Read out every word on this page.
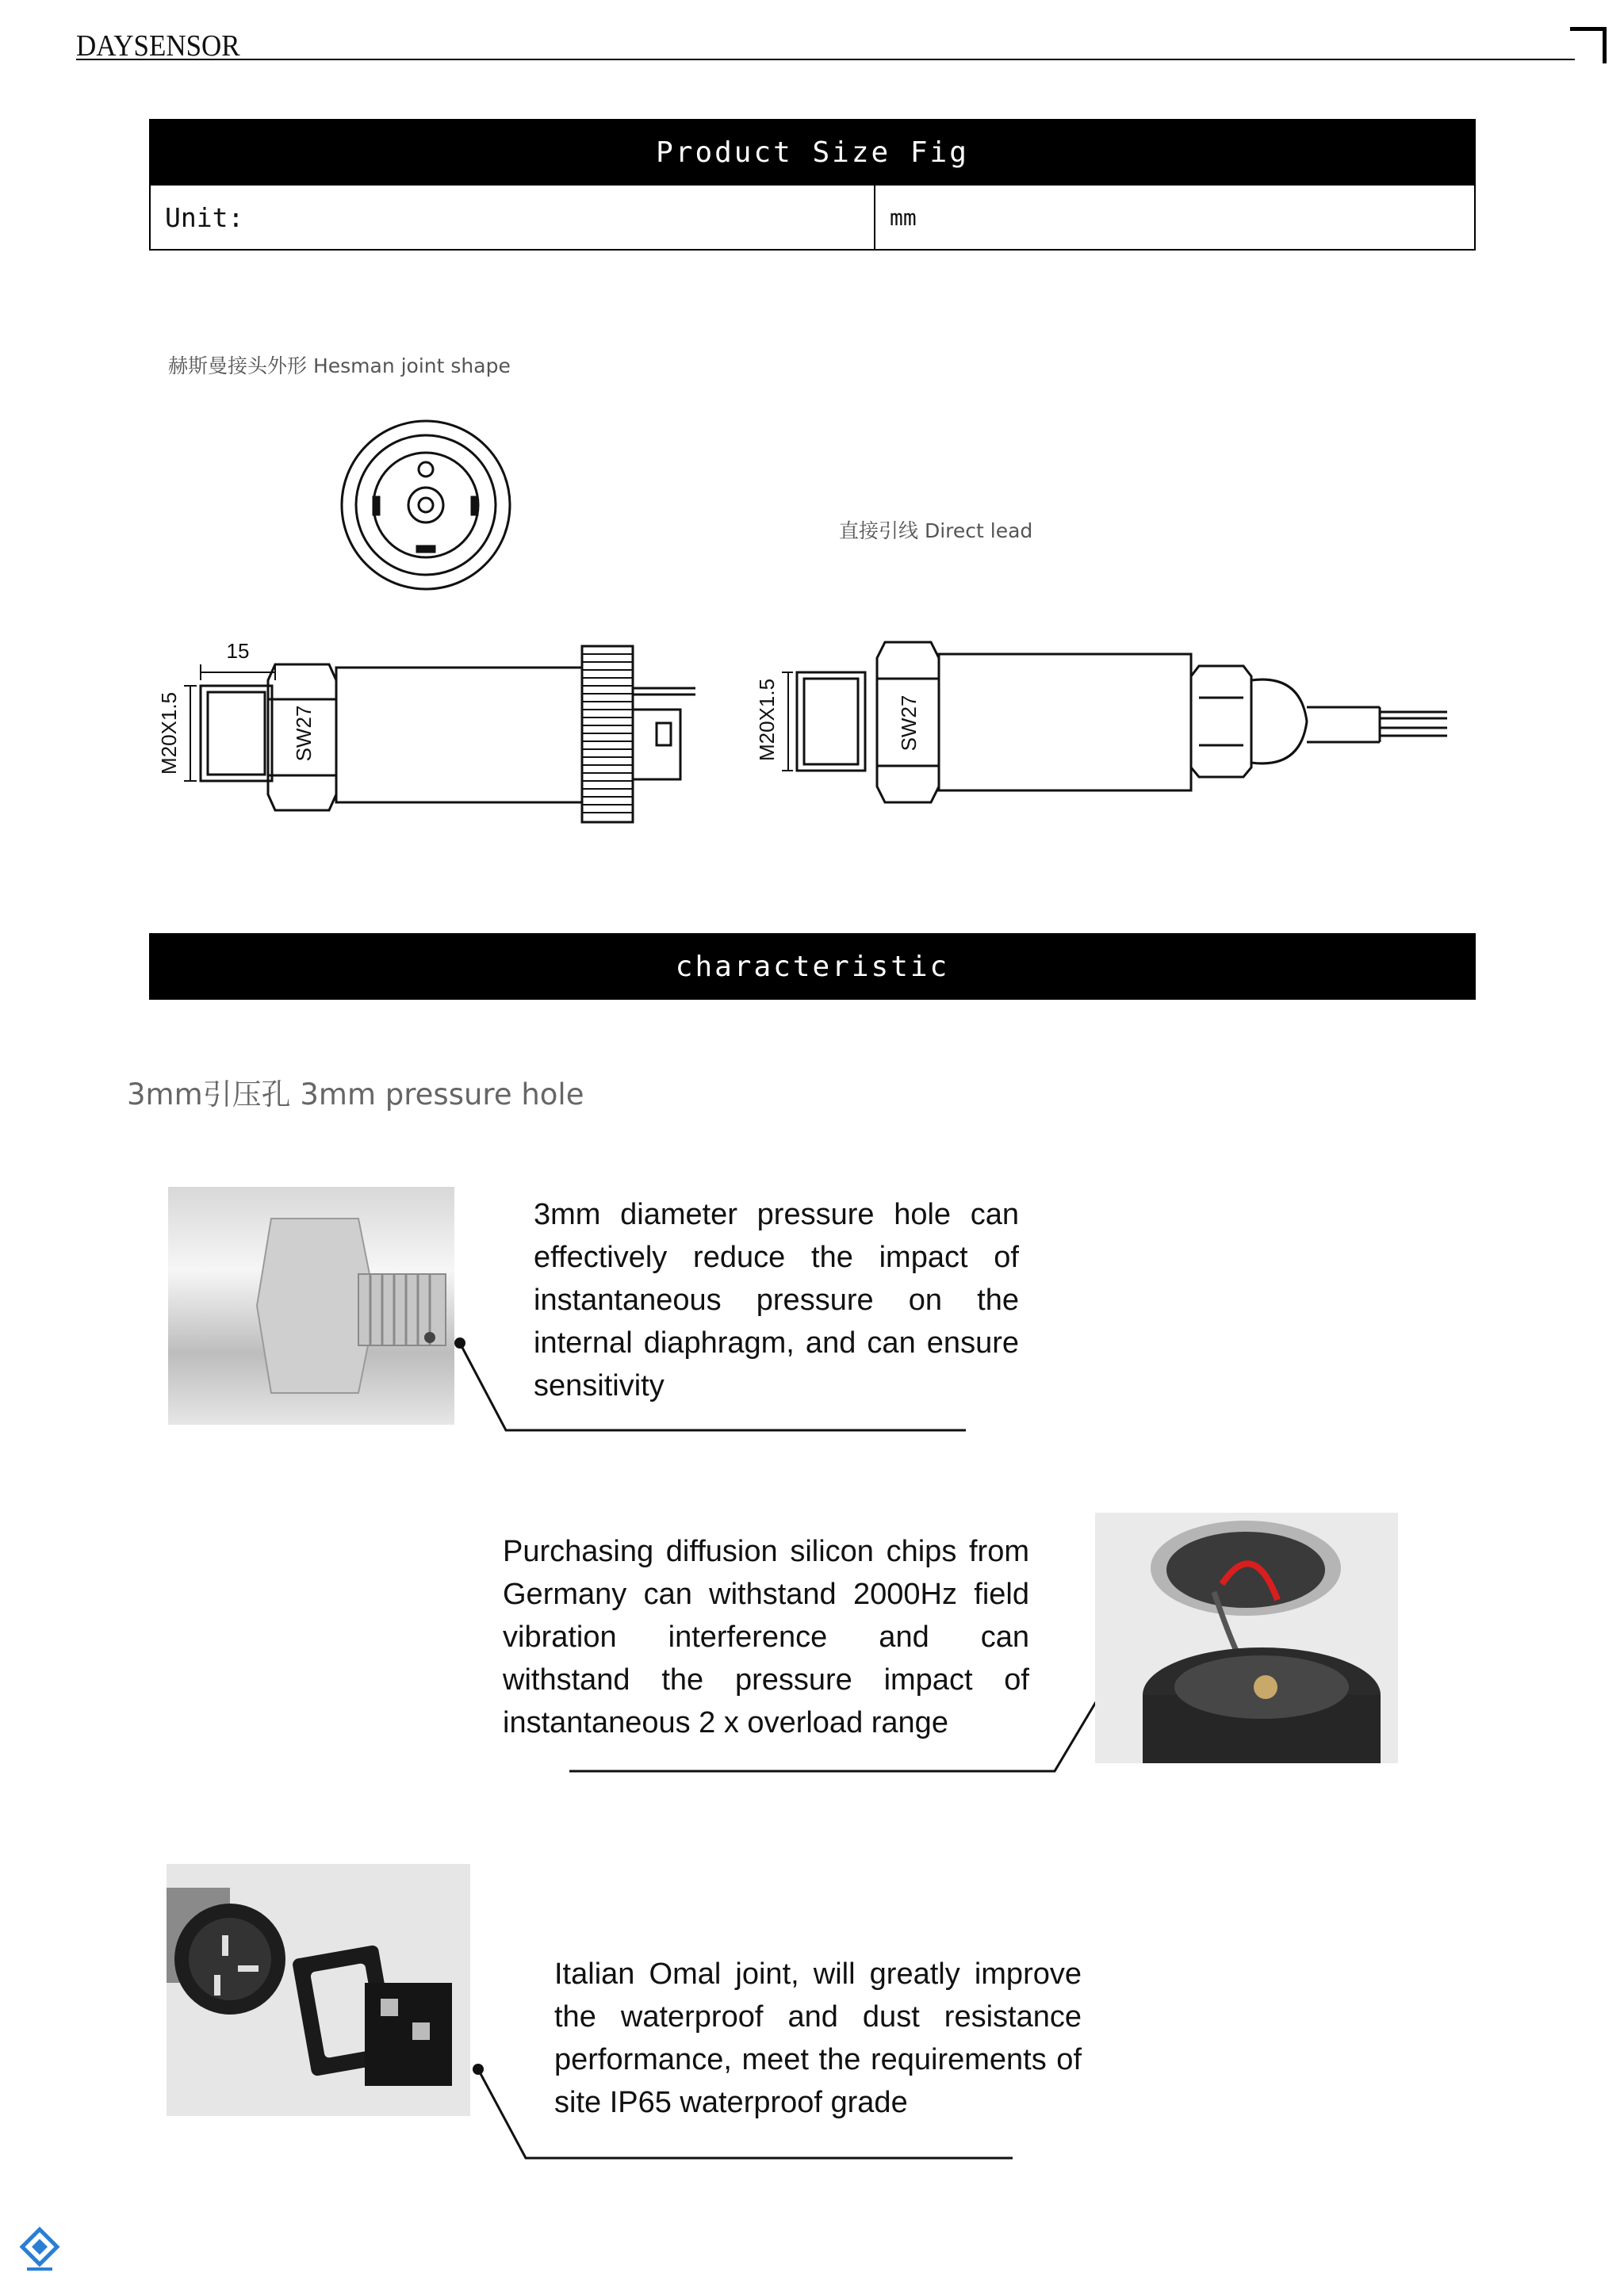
DAYSENSOR
Product Size Fig
Unit:	mm
赫斯曼接头外形 Hesman joint shape
直接引线 Direct lead
15
M20X1.5	SW27	M20X1.5	SW27
characteristic
3mm引压孔 3mm pressure hole
3mm diameter pressure hole can effectively reduce the impact of instantaneous pressure on the internal diaphragm, and can ensure sensitivity
Purchasing diffusion silicon chips from Germany can withstand 2000Hz field vibration interference and can withstand the pressure impact of instantaneous 2 x overload range
Italian Omal joint, will greatly improve the waterproof and dust resistance performance, meet the requirements of site IP65 waterproof grade
